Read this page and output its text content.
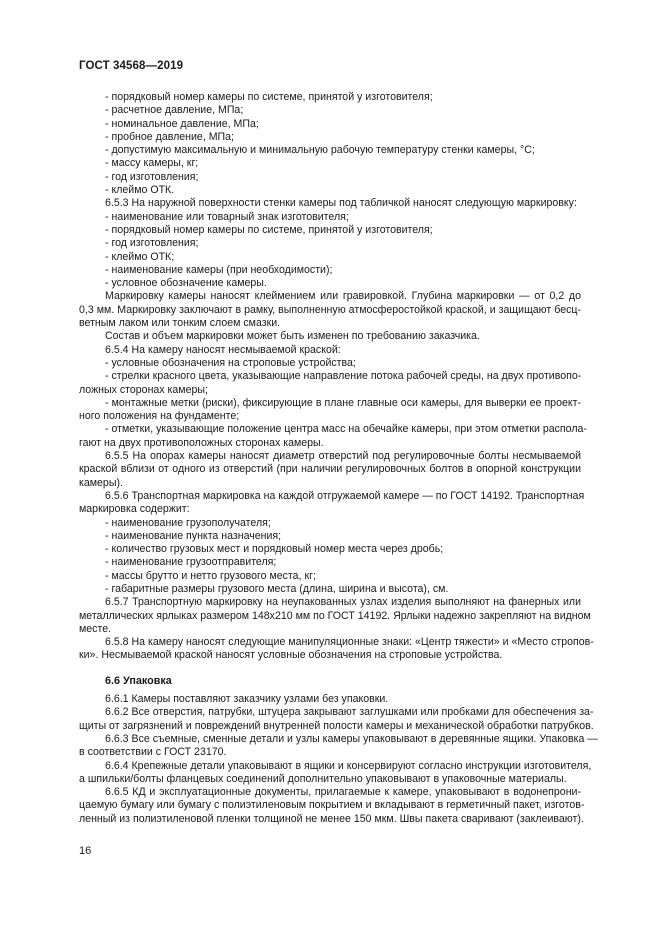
ГОСТ 34568—2019
- порядковый номер камеры по системе, принятой у изготовителя;
- расчетное давление, МПа;
- номинальное давление, МПа;
- пробное давление, МПа;
- допустимую максимальную и минимальную рабочую температуру стенки камеры, °С;
- массу камеры, кг;
- год изготовления;
- клеймо ОТК.
6.5.3 На наружной поверхности стенки камеры под табличкой наносят следующую маркировку:
- наименование или товарный знак изготовителя;
- порядковый номер камеры по системе, принятой у изготовителя;
- год изготовления;
- клеймо ОТК;
- наименование камеры (при необходимости);
- условное обозначение камеры.
Маркировку камеры наносят клеймением или гравировкой. Глубина маркировки — от 0,2 до
0,3 мм. Маркировку заключают в рамку, выполненную атмосферостойкой краской, и защищают бесц-
ветным лаком или тонким слоем смазки.
Состав и объем маркировки может быть изменен по требованию заказчика.
6.5.4 На камеру наносят несмываемой краской:
- условные обозначения на строповые устройства;
- стрелки красного цвета, указывающие направление потока рабочей среды, на двух противопо-
ложных сторонах камеры;
- монтажные метки (риски), фиксирующие в плане главные оси камеры, для выверки ее проект-
ного положения на фундаменте;
- отметки, указывающие положение центра масс на обечайке камеры, при этом отметки распола-
гают на двух противоположных сторонах камеры.
6.5.5 На опорах камеры наносят диаметр отверстий под регулировочные болты несмываемой
краской вблизи от одного из отверстий (при наличии регулировочных болтов в опорной конструкции
камеры).
6.5.6 Транспортная маркировка на каждой отгружаемой камере — по ГОСТ 14192. Транспортная
маркировка содержит:
- наименование грузополучателя;
- наименование пункта назначения;
- количество грузовых мест и порядковый номер места через дробь;
- наименование грузоотправителя;
- массы брутто и нетто грузового места, кг;
- габаритные размеры грузового места (длина, ширина и высота), см.
6.5.7 Транспортную маркировку на неупакованных узлах изделия выполняют на фанерных или
металлических ярлыках размером 148x210 мм по ГОСТ 14192. Ярлыки надежно закрепляют на видном
месте.
6.5.8 На камеру наносят следующие манипуляционные знаки: «Центр тяжести» и «Место стропов-
ки». Несмываемой краской наносят условные обозначения на строповые устройства.
6.6 Упаковка
6.6.1 Камеры поставляют заказчику узлами без упаковки.
6.6.2 Все отверстия, патрубки, штуцера закрывают заглушками или пробками для обеспечения за-
щиты от загрязнений и повреждений внутренней полости камеры и механической обработки патрубков.
6.6.3 Все съемные, сменные детали и узлы камеры упаковывают в деревянные ящики. Упаковка —
в соответствии с ГОСТ 23170.
6.6.4 Крепежные детали упаковывают в ящики и консервируют согласно инструкции изготовителя,
а шпильки/болты фланцевых соединений дополнительно упаковывают в упаковочные материалы.
6.6.5 КД и эксплуатационные документы, прилагаемые к камере, упаковывают в водонепрони-
цаемую бумагу или бумагу с полиэтиленовым покрытием и вкладывают в герметичный пакет, изготов-
ленный из полиэтиленовой пленки толщиной не менее 150 мкм. Швы пакета сваривают (заклеивают).
16
